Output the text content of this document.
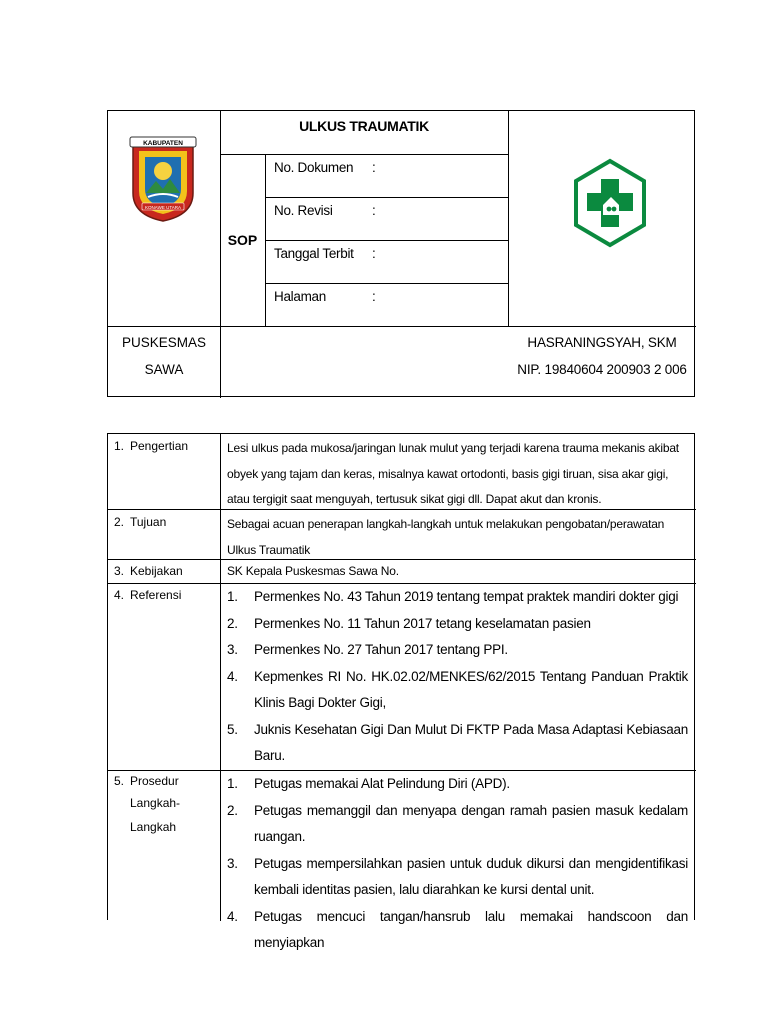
KABUPATEN
KONAWE UTARA
ULKUS TRAUMATIK
SOP
No. Dokumen :
No. Revisi	:
Tanggal Terbit :
Halaman	:
PUSKESMAS
SAWA
HASRANINGSYAH, SKM
NIP. 19840604 200903 2 006
1. Pengertian	Lesi ulkus pada mukosa/jaringan lunak mulut yang terjadi karena trauma mekanis akibat obyek yang tajam dan keras, misalnya kawat ortodonti, basis gigi tiruan, sisa akar gigi, atau tergigit saat menguyah, tertusuk sikat gigi dll. Dapat akut dan kronis.
2. Tujuan	Sebagai acuan penerapan langkah-langkah untuk melakukan pengobatan/perawatan Ulkus Traumatik
3. Kebijakan	SK Kepala Puskesmas Sawa No.
4. Referensi	1.	Permenkes No. 43 Tahun 2019 tentang tempat praktek mandiri dokter gigi
2.	Permenkes No. 11 Tahun 2017 tetang keselamatan pasien
3.	Permenkes No. 27 Tahun 2017 tentang PPI.
4.	Kepmenkes RI No. HK.02.02/MENKES/62/2015 Tentang Panduan Praktik Klinis Bagi Dokter Gigi,
5.	Juknis Kesehatan Gigi Dan Mulut Di FKTP Pada Masa Adaptasi Kebiasaan Baru.
5. Prosedur
Langkah-
Langkah
1.	Petugas memakai Alat Pelindung Diri (APD).
2.	Petugas memanggil dan menyapa dengan ramah pasien masuk kedalam ruangan.
3.	Petugas mempersilahkan pasien untuk duduk dikursi dan mengidentifikasi kembali identitas pasien, lalu diarahkan ke kursi dental unit.
4.	Petugas mencuci tangan/hansrub lalu memakai handscoon dan menyiapkan
